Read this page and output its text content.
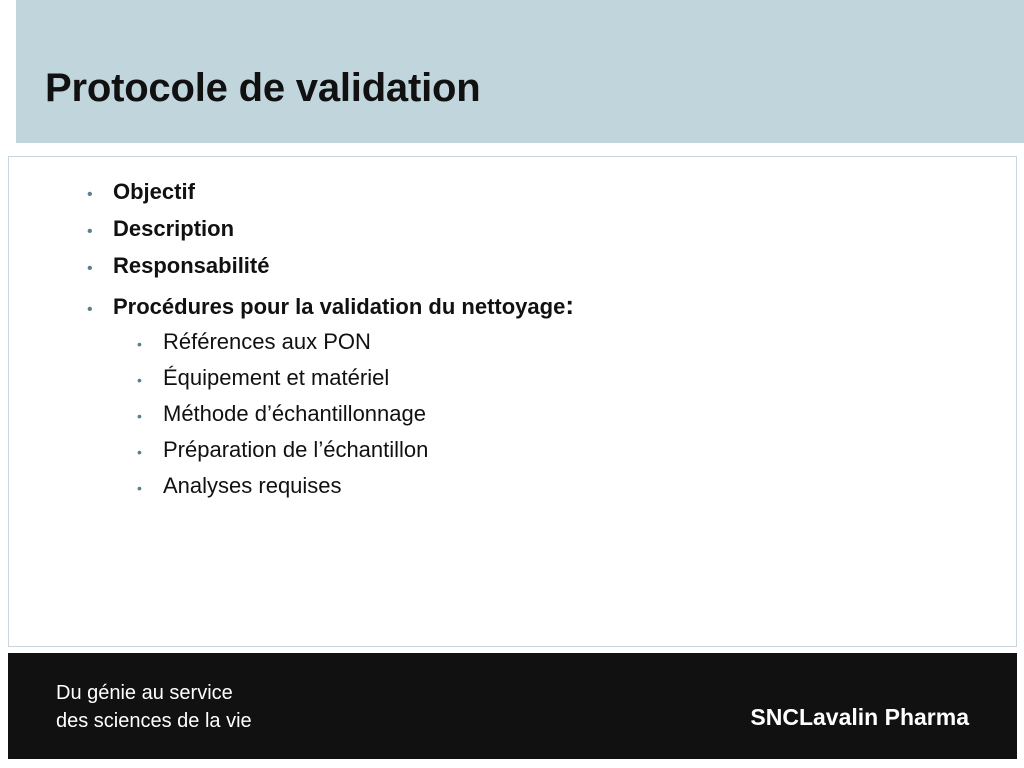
Protocole de validation
• Objectif
• Description
• Responsabilité
• Procédures pour la validation du nettoyage :
• Références aux PON
• Équipement et matériel
• Méthode d’échantillonnage
• Préparation de l’échantillon
• Analyses requises
Du génie au service
des sciences de la vie	SNCLavalin Pharma
